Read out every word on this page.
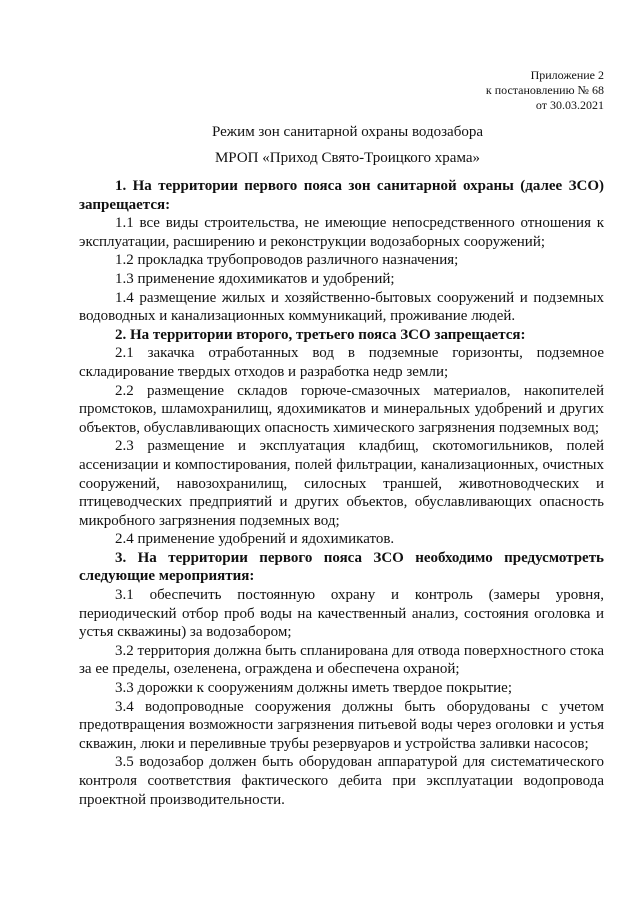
Приложение 2
к постановлению № 68
от 30.03.2021
Режим зон санитарной охраны водозабора
МРОП «Приход Свято-Троицкого храма»

1. На территории первого пояса зон санитарной охраны (далее ЗСО) запрещается:

1.1 все виды строительства, не имеющие непосредственного отношения к эксплуатации, расширению и реконструкции водозаборных сооружений;

1.2 прокладка трубопроводов различного назначения;

1.3 применение ядохимикатов и удобрений;

1.4 размещение жилых и хозяйственно-бытовых сооружений и подземных водоводных и канализационных коммуникаций, проживание людей.

2. На территории второго, третьего пояса ЗСО запрещается:

2.1 закачка отработанных вод в подземные горизонты, подземное складирование твердых отходов и разработка недр земли;

2.2 размещение складов горюче-смазочных материалов, накопителей промстоков, шламохранилищ, ядохимикатов и минеральных удобрений и других объектов, обуславливающих опасность химического загрязнения подземных вод;

2.3 размещение и эксплуатация кладбищ, скотомогильников, полей ассенизации и компостирования, полей фильтрации, канализационных, очистных сооружений, навозохранилищ, силосных траншей, животноводческих и птицеводческих предприятий и других объектов, обуславливающих опасность микробного загрязнения подземных вод;

2.4 применение удобрений и ядохимикатов.

3. На территории первого пояса ЗСО необходимо предусмотреть следующие мероприятия:

3.1 обеспечить постоянную охрану и контроль (замеры уровня, периодический отбор проб воды на качественный анализ, состояния оголовка и устья скважины) за водозабором;

3.2 территория должна быть спланирована для отвода поверхностного стока за ее пределы, озеленена, ограждена и обеспечена охраной;

3.3 дорожки к сооружениям должны иметь твердое покрытие;

3.4 водопроводные сооружения должны быть оборудованы с учетом предотвращения возможности загрязнения питьевой воды через оголовки и устья скважин, люки и переливные трубы резервуаров и устройства заливки насосов;

3.5 водозабор должен быть оборудован аппаратурой для систематического контроля соответствия фактического дебита при эксплуатации водопровода проектной производительности.
